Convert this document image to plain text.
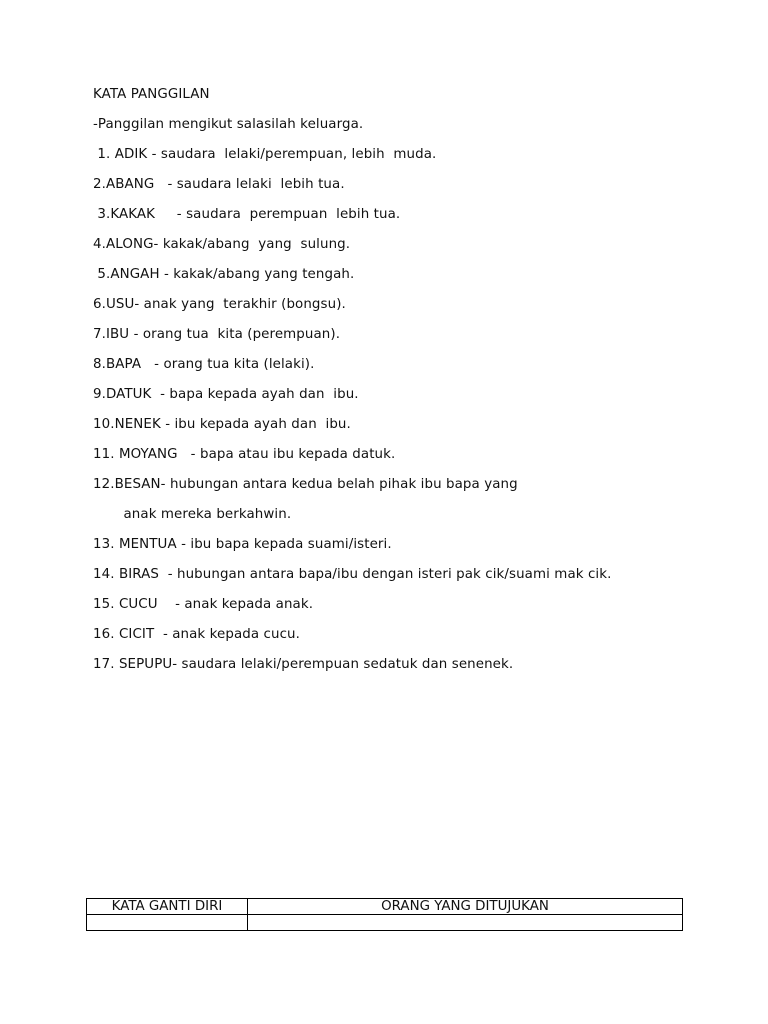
KATA PANGGILAN
-Panggilan mengikut salasilah keluarga.
1. ADIK - saudara  lelaki/perempuan, lebih  muda.
2.ABANG   - saudara lelaki  lebih tua.
3.KAKAK     - saudara  perempuan  lebih tua.
4.ALONG- kakak/abang  yang  sulung.
5.ANGAH - kakak/abang yang tengah.
6.USU- anak yang  terakhir (bongsu).
7.IBU - orang tua  kita (perempuan).
8.BAPA   - orang tua kita (lelaki).
9.DATUK  - bapa kepada ayah dan  ibu.
10.NENEK - ibu kepada ayah dan  ibu.
11. MOYANG   - bapa atau ibu kepada datuk.
12.BESAN- hubungan antara kedua belah pihak ibu bapa yang
anak mereka berkahwin.
13. MENTUA - ibu bapa kepada suami/isteri.
14. BIRAS  - hubungan antara bapa/ibu dengan isteri pak cik/suami mak cik.
15. CUCU    - anak kepada anak.
16. CICIT  - anak kepada cucu.
17. SEPUPU- saudara lelaki/perempuan sedatuk dan senenek.
KATA GANTI DIRI	ORANG YANG DITUJUKAN
